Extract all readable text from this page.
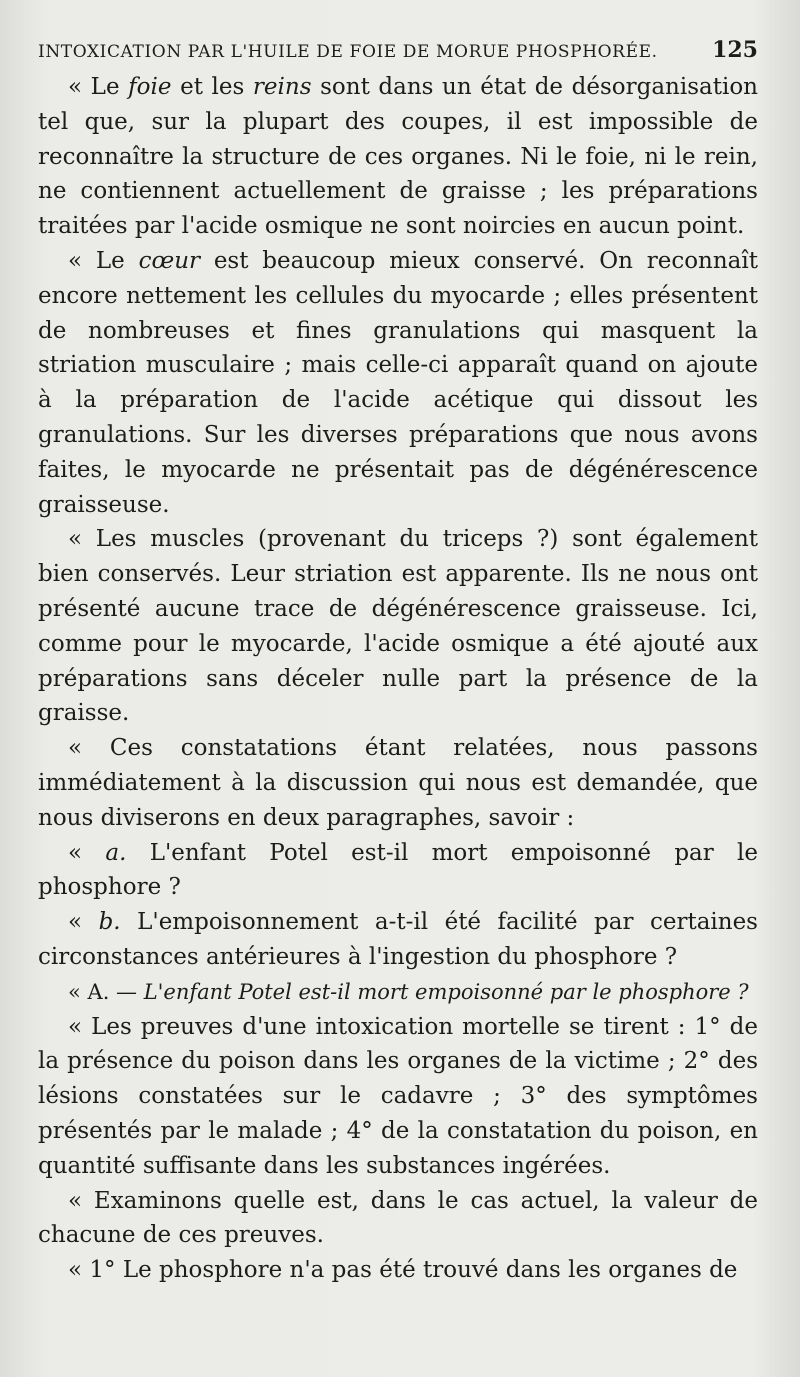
INTOXICATION PAR L'HUILE DE FOIE DE MORUE PHOSPHORÉE. 125

« Le foie et les reins sont dans un état de désorganisation tel que, sur la plupart des coupes, il est impossible de reconnaître la structure de ces organes. Ni le foie, ni le rein, ne contiennent actuellement de graisse ; les préparations traitées par l'acide osmique ne sont noircies en aucun point.

« Le cœur est beaucoup mieux conservé. On reconnaît encore nettement les cellules du myocarde ; elles présentent de nombreuses et fines granulations qui masquent la striation musculaire ; mais celle-ci apparaît quand on ajoute à la préparation de l'acide acétique qui dissout les granulations. Sur les diverses préparations que nous avons faites, le myocarde ne présentait pas de dégénérescence graisseuse.

« Les muscles (provenant du triceps ?) sont également bien conservés. Leur striation est apparente. Ils ne nous ont présenté aucune trace de dégénérescence graisseuse. Ici, comme pour le myocarde, l'acide osmique a été ajouté aux préparations sans déceler nulle part la présence de la graisse.

« Ces constatations étant relatées, nous passons immédiatement à la discussion qui nous est demandée, que nous diviserons en deux paragraphes, savoir :

« a. L'enfant Potel est-il mort empoisonné par le phosphore ?

« b. L'empoisonnement a-t-il été facilité par certaines circonstances antérieures à l'ingestion du phosphore ?

« A. — L'enfant Potel est-il mort empoisonné par le phosphore ?

« Les preuves d'une intoxication mortelle se tirent : 1° de la présence du poison dans les organes de la victime ; 2° des lésions constatées sur le cadavre ; 3° des symptômes présentés par le malade ; 4° de la constatation du poison, en quantité suffisante dans les substances ingérées.

« Examinons quelle est, dans le cas actuel, la valeur de chacune de ces preuves.

« 1° Le phosphore n'a pas été trouvé dans les organes de
